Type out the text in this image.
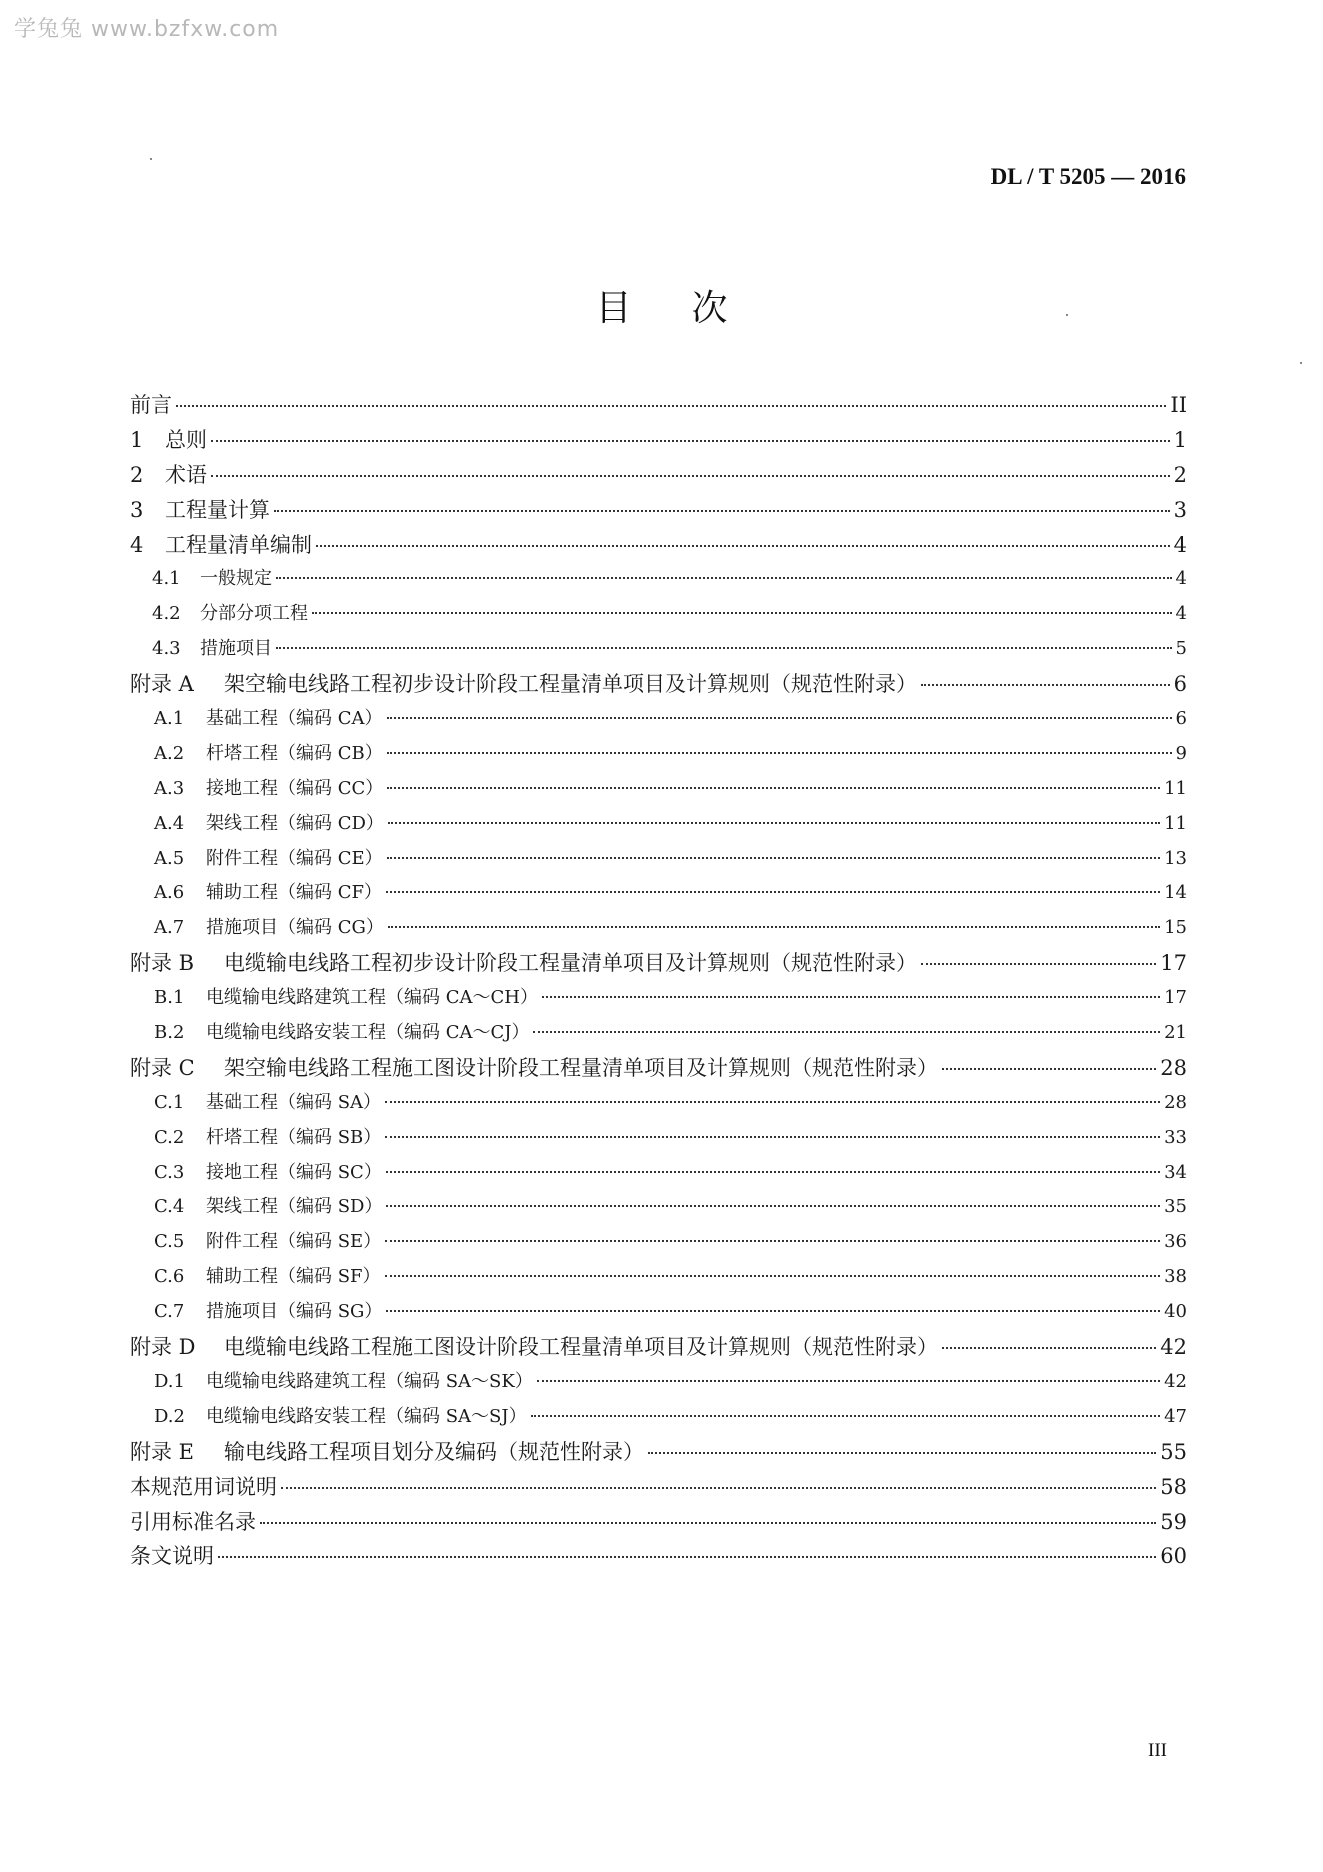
学兔兔 www.bzfxw.com
DL / T 5205 — 2016
目次
前言	II
1	总则	1
2	术语	2
3	工程量计算	3
4	工程量清单编制	4
4.1	一般规定	4
4.2	分部分项工程	4
4.3	措施项目	5
附录 A	架空输电线路工程初步设计阶段工程量清单项目及计算规则（规范性附录）	6
A.1	基础工程（编码 CA）	6
A.2	杆塔工程（编码 CB）	9
A.3	接地工程（编码 CC）	11
A.4	架线工程（编码 CD）	11
A.5	附件工程（编码 CE）	13
A.6	辅助工程（编码 CF）	14
A.7	措施项目（编码 CG）	15
附录 B	电缆输电线路工程初步设计阶段工程量清单项目及计算规则（规范性附录）	17
B.1	电缆输电线路建筑工程（编码 CA～CH）	17
B.2	电缆输电线路安装工程（编码 CA～CJ）	21
附录 C	架空输电线路工程施工图设计阶段工程量清单项目及计算规则（规范性附录）	28
C.1	基础工程（编码 SA）	28
C.2	杆塔工程（编码 SB）	33
C.3	接地工程（编码 SC）	34
C.4	架线工程（编码 SD）	35
C.5	附件工程（编码 SE）	36
C.6	辅助工程（编码 SF）	38
C.7	措施项目（编码 SG）	40
附录 D	电缆输电线路工程施工图设计阶段工程量清单项目及计算规则（规范性附录）	42
D.1	电缆输电线路建筑工程（编码 SA～SK）	42
D.2	电缆输电线路安装工程（编码 SA～SJ）	47
附录 E	输电线路工程项目划分及编码（规范性附录）	55
本规范用词说明	58
引用标准名录	59
条文说明	60
III
